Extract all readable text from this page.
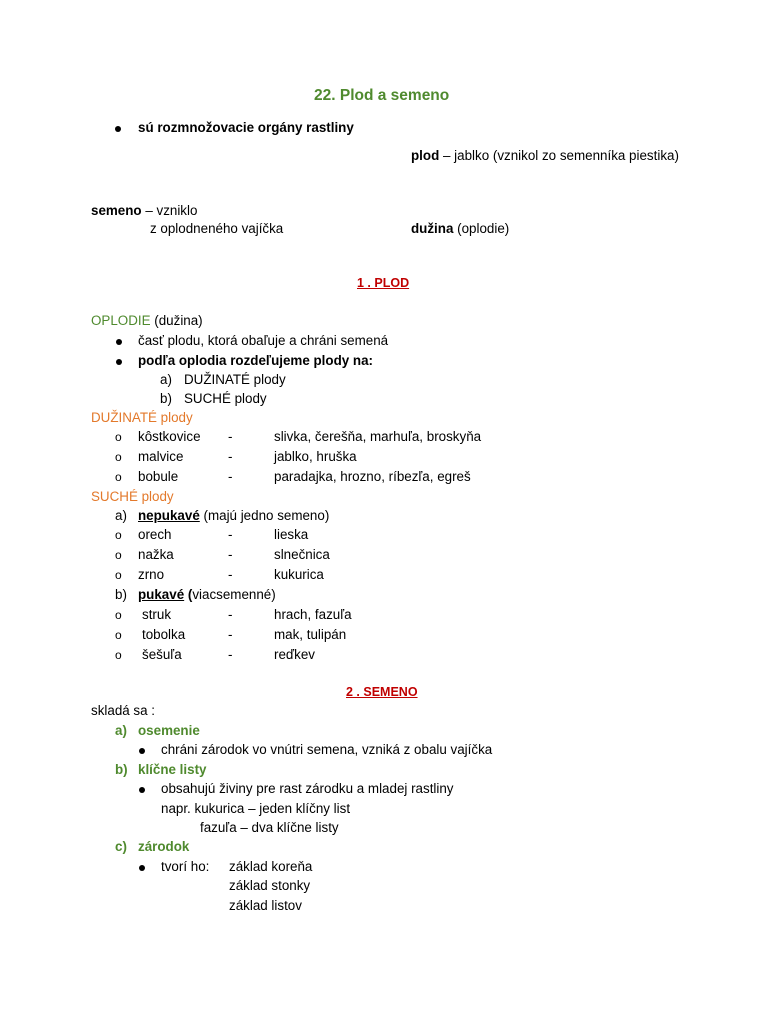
22. Plod a semeno
sú rozmnožovacie orgány rastliny
plod – jablko (vznikol zo semenníka piestika)
semeno – vzniklo
z oplodneného vajíčka	dužina (oplodie)
1 . PLOD
OPLODIE (dužina)
časť plodu, ktorá obaľuje a chráni semená
podľa oplodia rozdeľujeme plody na:
a) DUŽINATÉ plody
b) SUCHÉ plody
DUŽINATÉ plody
o kôstkovice -	slivka, čerešňa, marhuľa, broskyňa
o malvice	-	jablko, hruška
o bobule	-	paradajka, hrozno, ríbezľa, egreš
SUCHÉ plody
a) nepukavé (majú jedno semeno)
o orech	-	lieska
o nažka	-	slnečnica
o zrno	-	kukurica
b) pukavé (viacsemenné)
o struk	-	hrach, fazuľa
o tobolka	-	mak, tulipán
o šešuľa	-	reďkev
2 . SEMENO
skladá sa :
a) osemenie
chráni zárodok vo vnútri semena, vzniká z obalu vajíčka
b) klíčne listy
obsahujú živiny pre rast zárodku a mladej rastliny
napr. kukurica – jeden klíčny list
fazuľa – dva klíčne listy
c) zárodok
tvorí ho: základ koreňa
základ stonky
základ listov
